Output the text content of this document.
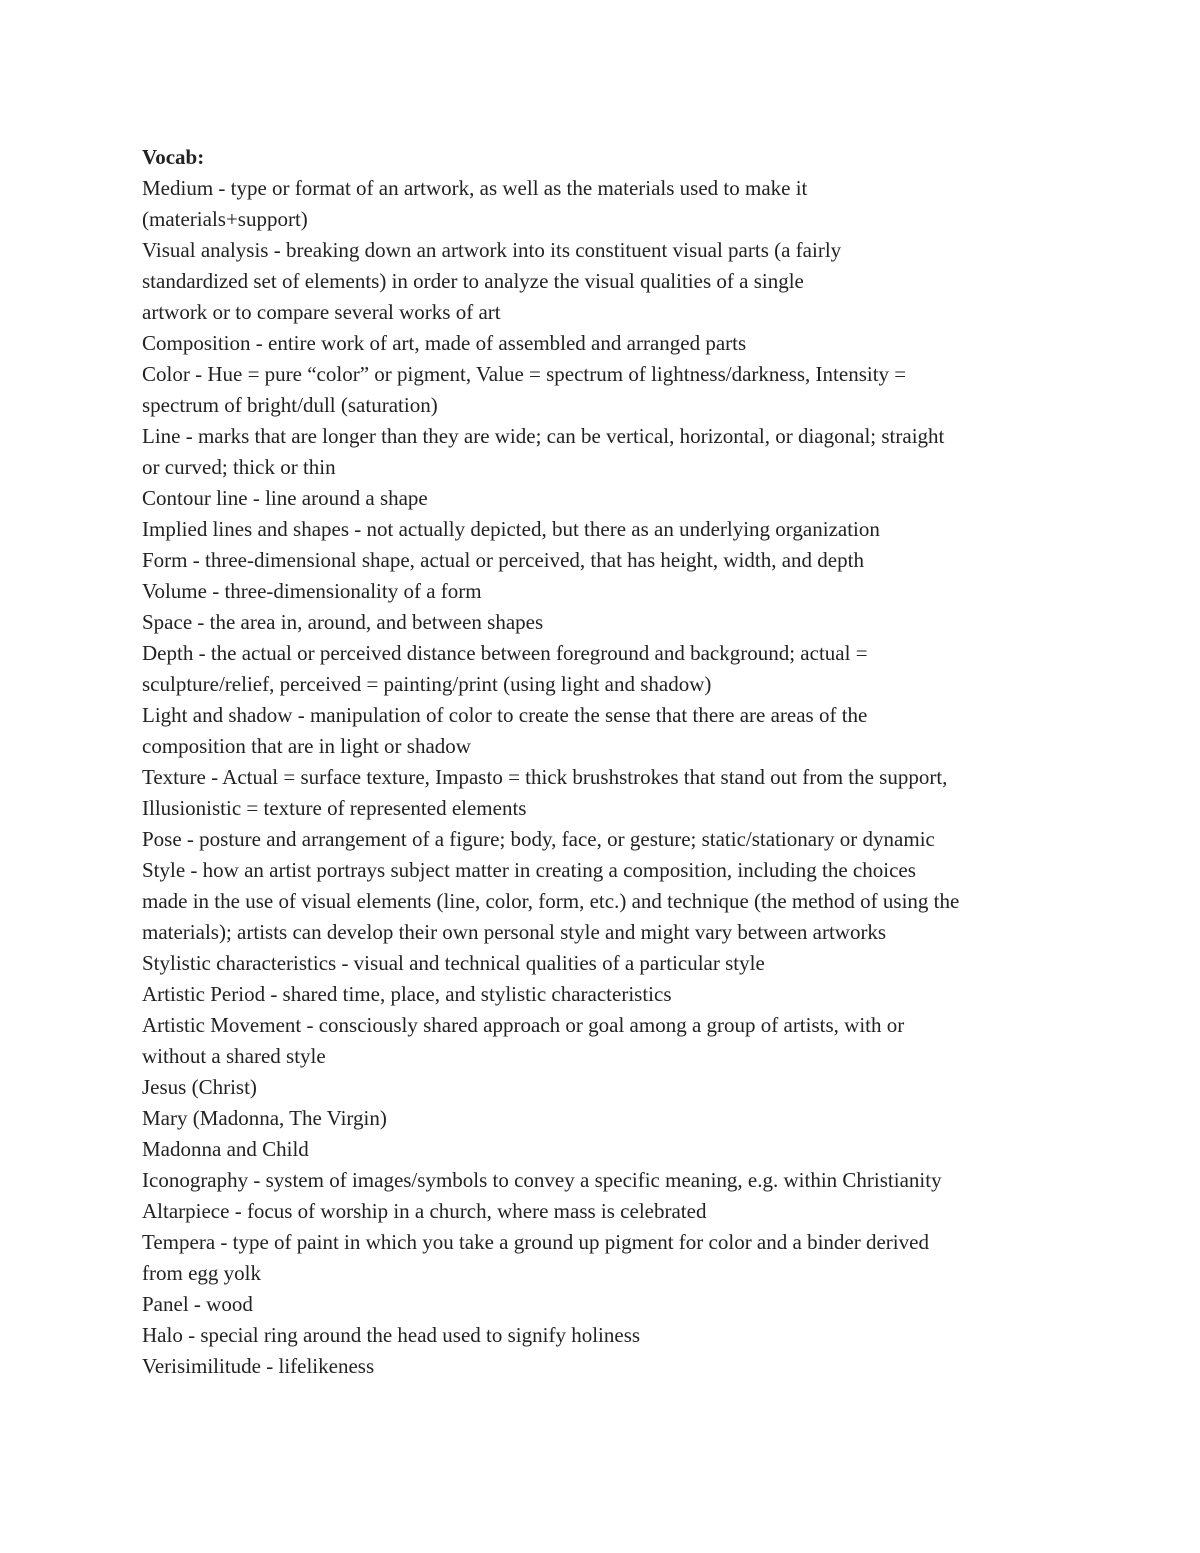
Vocab:

Medium - type or format of an artwork, as well as the materials used to make it

(materials+support)

Visual analysis - breaking down an artwork into its constituent visual parts (a fairly

standardized set of elements) in order to analyze the visual qualities of a single

artwork or to compare several works of art

Composition - entire work of art, made of assembled and arranged parts

Color - Hue = pure “color” or pigment, Value = spectrum of lightness/darkness, Intensity =

spectrum of bright/dull (saturation)

Line - marks that are longer than they are wide; can be vertical, horizontal, or diagonal; straight

or curved; thick or thin

Contour line - line around a shape

Implied lines and shapes - not actually depicted, but there as an underlying organization

Form - three-dimensional shape, actual or perceived, that has height, width, and depth

Volume - three-dimensionality of a form

Space - the area in, around, and between shapes

Depth - the actual or perceived distance between foreground and background; actual =

sculpture/relief, perceived = painting/print (using light and shadow)

Light and shadow - manipulation of color to create the sense that there are areas of the

composition that are in light or shadow

Texture - Actual = surface texture, Impasto = thick brushstrokes that stand out from the support,

Illusionistic = texture of represented elements

Pose - posture and arrangement of a figure; body, face, or gesture; static/stationary or dynamic

Style - how an artist portrays subject matter in creating a composition, including the choices

made in the use of visual elements (line, color, form, etc.) and technique (the method of using the

materials); artists can develop their own personal style and might vary between artworks

Stylistic characteristics - visual and technical qualities of a particular style

Artistic Period - shared time, place, and stylistic characteristics

Artistic Movement - consciously shared approach or goal among a group of artists, with or

without a shared style

Jesus (Christ)

Mary (Madonna, The Virgin)

Madonna and Child

Iconography - system of images/symbols to convey a specific meaning, e.g. within Christianity

Altarpiece - focus of worship in a church, where mass is celebrated

Tempera - type of paint in which you take a ground up pigment for color and a binder derived

from egg yolk

Panel - wood

Halo - special ring around the head used to signify holiness

Verisimilitude - lifelikeness
